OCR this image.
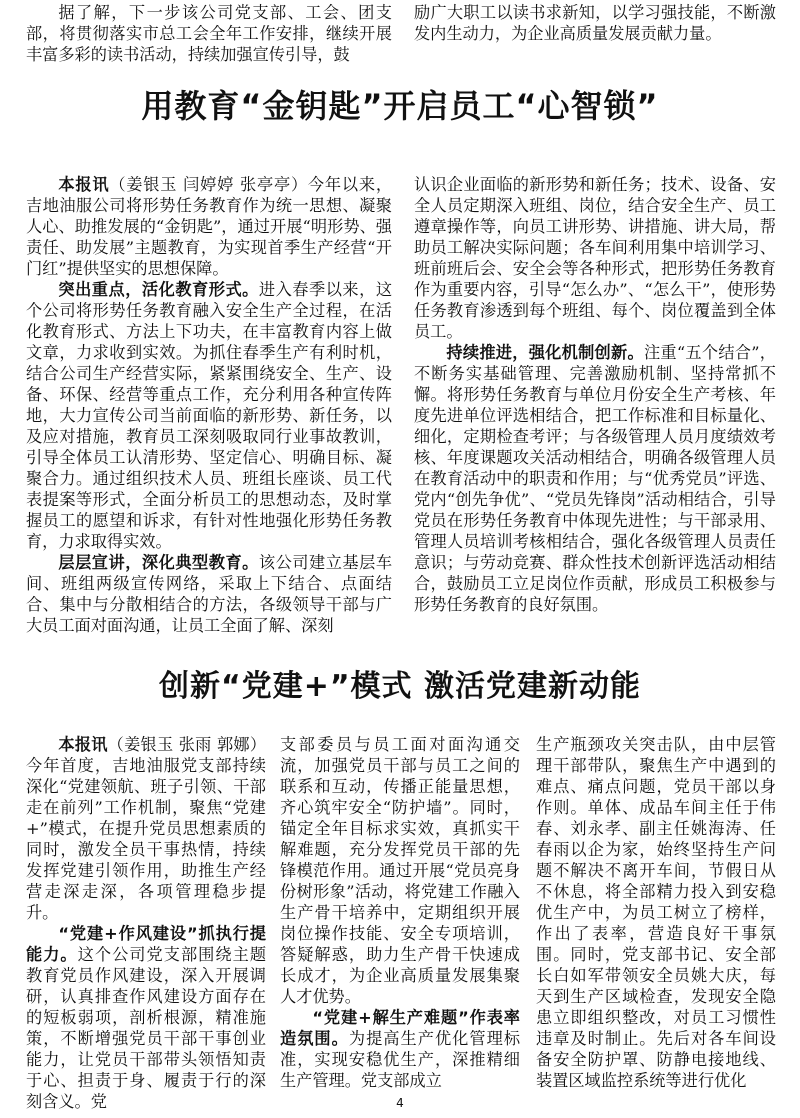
据了解，下一步该公司党支部、工会、团支部，将贯彻落实市总工会全年工作安排，继续开展丰富多彩的读书活动，持续加强宣传引导，鼓

励广大职工以读书求新知，以学习强技能，不断激发内生动力，为企业高质量发展贡献力量。

用教育“金钥匙”开启员工“心智锁”

本报讯（姜银玉 闫婷婷 张亭亭）今年以来，吉地油服公司将形势任务教育作为统一思想、凝聚人心、助推发展的“金钥匙”，通过开展“明形势、强责任、助发展”主题教育，为实现首季生产经营“开门红”提供坚实的思想保障。

突出重点，活化教育形式。进入春季以来，这个公司将形势任务教育融入安全生产全过程，在活化教育形式、方法上下功夫，在丰富教育内容上做文章，力求收到实效。为抓住春季生产有利时机，结合公司生产经营实际，紧紧围绕安全、生产、设备、环保、经营等重点工作，充分利用各种宣传阵地，大力宣传公司当前面临的新形势、新任务，以及应对措施，教育员工深刻吸取同行业事故教训，引导全体员工认清形势、坚定信心、明确目标、凝聚合力。通过组织技术人员、班组长座谈、员工代表提案等形式，全面分析员工的思想动态，及时掌握员工的愿望和诉求，有针对性地强化形势任务教育，力求取得实效。

层层宣讲，深化典型教育。该公司建立基层车间、班组两级宣传网络，采取上下结合、点面结合、集中与分散相结合的方法，各级领导干部与广大员工面对面沟通，让员工全面了解、深刻

认识企业面临的新形势和新任务；技术、设备、安全人员定期深入班组、岗位，结合安全生产、员工遵章操作等，向员工讲形势、讲措施、讲大局，帮助员工解决实际问题；各车间利用集中培训学习、班前班后会、安全会等各种形式，把形势任务教育作为重要内容，引导“怎么办”、“怎么干”，使形势任务教育渗透到每个班组、每个、岗位覆盖到全体员工。

持续推进，强化机制创新。注重“五个结合”，不断务实基础管理、完善激励机制、坚持常抓不懈。将形势任务教育与单位月份安全生产考核、年度先进单位评选相结合，把工作标准和目标量化、细化，定期检查考评；与各级管理人员月度绩效考核、年度课题攻关活动相结合，明确各级管理人员在教育活动中的职责和作用；与“优秀党员”评选、党内“创先争优”、“党员先锋岗”活动相结合，引导党员在形势任务教育中体现先进性；与干部录用、管理人员培训考核相结合，强化各级管理人员责任意识；与劳动竞赛、群众性技术创新评选活动相结合，鼓励员工立足岗位作贡献，形成员工积极参与形势任务教育的良好氛围。

创新“党建+”模式 激活党建新动能

本报讯（姜银玉 张雨 郭娜）今年首度，吉地油服党支部持续深化“党建领航、班子引领、干部走在前列”工作机制，聚焦“党建+”模式，在提升党员思想素质的同时，激发全员干事热情，持续发挥党建引领作用，助推生产经营走深走深，各项管理稳步提升。

“党建+作风建设”抓执行提能力。这个公司党支部围绕主题教育党员作风建设，深入开展调研，认真排查作风建设方面存在的短板弱项，剖析根源，精准施策，不断增强党员干部干事创业能力，让党员干部带头领悟知责于心、担责于身、履责于行的深刻含义。党

支部委员与员工面对面沟通交流，加强党员干部与员工之间的联系和互动，传播正能量思想，齐心筑牢安全“防护墙”。同时，锚定全年目标求实效，真抓实干解难题，充分发挥党员干部的先锋模范作用。通过开展“党员亮身份树形象”活动，将党建工作融入生产骨干培养中，定期组织开展岗位操作技能、安全专项培训，答疑解惑，助力生产骨干快速成长成才，为企业高质量发展集聚人才优势。

“党建+解生产难题”作表率造氛围。为提高生产优化管理标准，实现安稳优生产，深推精细生产管理。党支部成立

生产瓶颈攻关突击队，由中层管理干部带队，聚焦生产中遇到的难点、痛点问题，党员干部以身作则。单体、成品车间主任于伟春、刘永孝、副主任姚海涛、任春雨以企为家，始终坚持生产问题不解决不离开车间，节假日从不休息，将全部精力投入到安稳优生产中，为员工树立了榜样，作出了表率，营造良好干事氛围。同时，党支部书记、安全部长白如军带领安全员姚大庆，每天到生产区域检查，发现安全隐患立即组织整改，对员工习惯性违章及时制止。先后对各车间设备安全防护罩、防静电接地线、装置区域监控系统等进行优化

4
